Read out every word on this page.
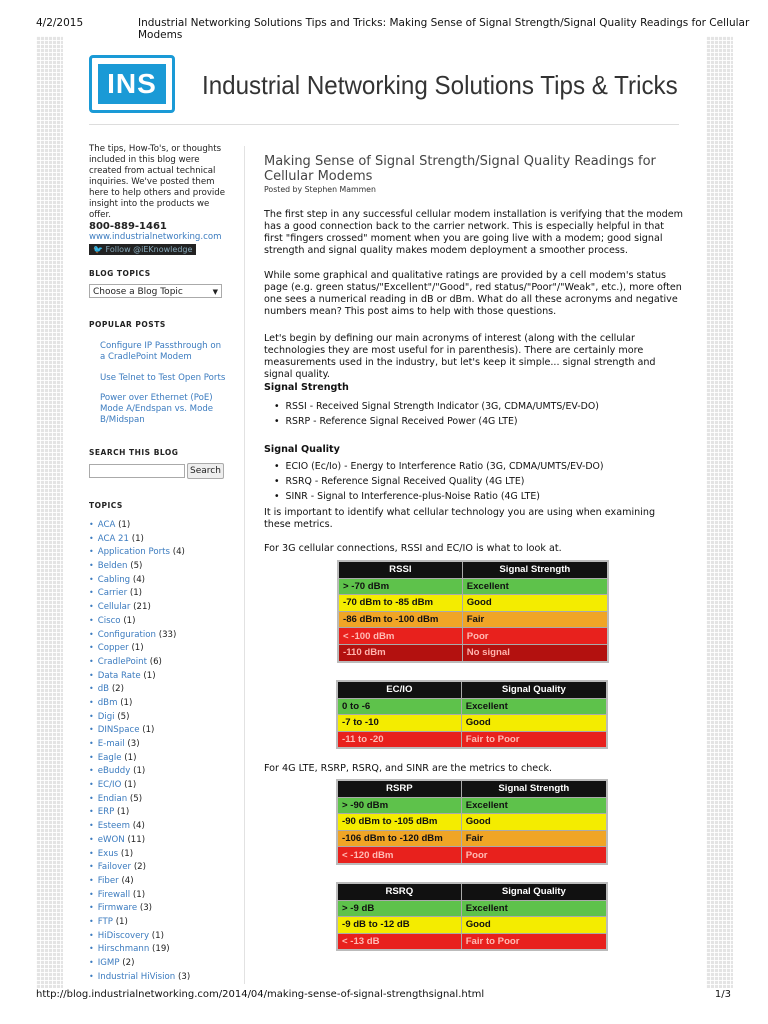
4/2/2015	Industrial Networking Solutions Tips and Tricks: Making Sense of Signal Strength/Signal Quality Readings for Cellular Modems
INS	Industrial Networking Solutions Tips & Tricks

The tips, How-To's, or thoughts included in this blog were created from actual technical inquiries. We've posted them here to help others and provide insight into the products we offer.

800-889-1461

www.industrialnetworking.com

🐦 Follow @iEKnowledge
BLOG TOPICS
Choose a Blog Topic	▼
POPULAR POSTS
Configure IP Passthrough on a CradlePoint Modem
Use Telnet to Test Open Ports
Power over Ethernet (PoE) Mode A/Endspan vs. Mode B/Midspan
SEARCH THIS BLOG
Search
TOPICS
• ACA (1)
• ACA 21 (1)
• Application Ports (4)
• Belden (5)
• Cabling (4)
• Carrier (1)
• Cellular (21)
• Cisco (1)
• Configuration (33)
• Copper (1)
• CradlePoint (6)
• Data Rate (1)
• dB (2)
• dBm (1)
• Digi (5)
• DINSpace (1)
• E-mail (3)
• Eagle (1)
• eBuddy (1)
• EC/IO (1)
• Endian (5)
• ERP (1)
• Esteem (4)
• eWON (11)
• Exus (1)
• Failover (2)
• Fiber (4)
• Firewall (1)
• Firmware (3)
• FTP (1)
• HiDiscovery (1)
• Hirschmann (19)
• IGMP (2)
• Industrial HiVision (3)

Making Sense of Signal Strength/Signal Quality Readings for Cellular Modems

Posted by Stephen Mammen

The first step in any successful cellular modem installation is verifying that the modem has a good connection back to the carrier network. This is especially helpful in that first "fingers crossed" moment when you are going live with a modem; good signal strength and signal quality makes modem deployment a smoother process.

While some graphical and qualitative ratings are provided by a cell modem's status page (e.g. green status/"Excellent"/"Good", red status/"Poor"/"Weak", etc.), more often one sees a numerical reading in dB or dBm. What do all these acronyms and negative numbers mean? This post aims to help with those questions.

Let's begin by defining our main acronyms of interest (along with the cellular technologies they are most useful for in parenthesis). There are certainly more measurements used in the industry, but let's keep it simple... signal strength and signal quality.

Signal Strength
• RSSI - Received Signal Strength Indicator (3G, CDMA/UMTS/EV-DO)
• RSRP - Reference Signal Received Power (4G LTE)
Signal Quality
• ECIO (Ec/Io) - Energy to Interference Ratio (3G, CDMA/UMTS/EV-DO)
• RSRQ - Reference Signal Received Quality (4G LTE)
• SINR - Signal to Interference-plus-Noise Ratio (4G LTE)

It is important to identify what cellular technology you are using when examining these metrics.

For 3G cellular connections, RSSI and EC/IO is what to look at.

RSSI	Signal Strength
> -70 dBm	Excellent
-70 dBm to -85 dBm	Good
-86 dBm to -100 dBm	Fair
< -100 dBm	Poor
-110 dBm	No signal
EC/IO	Signal Quality
0 to -6	Excellent
-7 to -10	Good
-11 to -20	Fair to Poor

For 4G LTE, RSRP, RSRQ, and SINR are the metrics to check.

RSRP	Signal Strength
> -90 dBm	Excellent
-90 dBm to -105 dBm	Good
-106 dBm to -120 dBm	Fair
< -120 dBm	Poor
RSRQ	Signal Quality
> -9 dB	Excellent
-9 dB to -12 dB	Good
< -13 dB	Fair to Poor
http://blog.industrialnetworking.com/2014/04/making-sense-of-signal-strengthsignal.html	1/3
